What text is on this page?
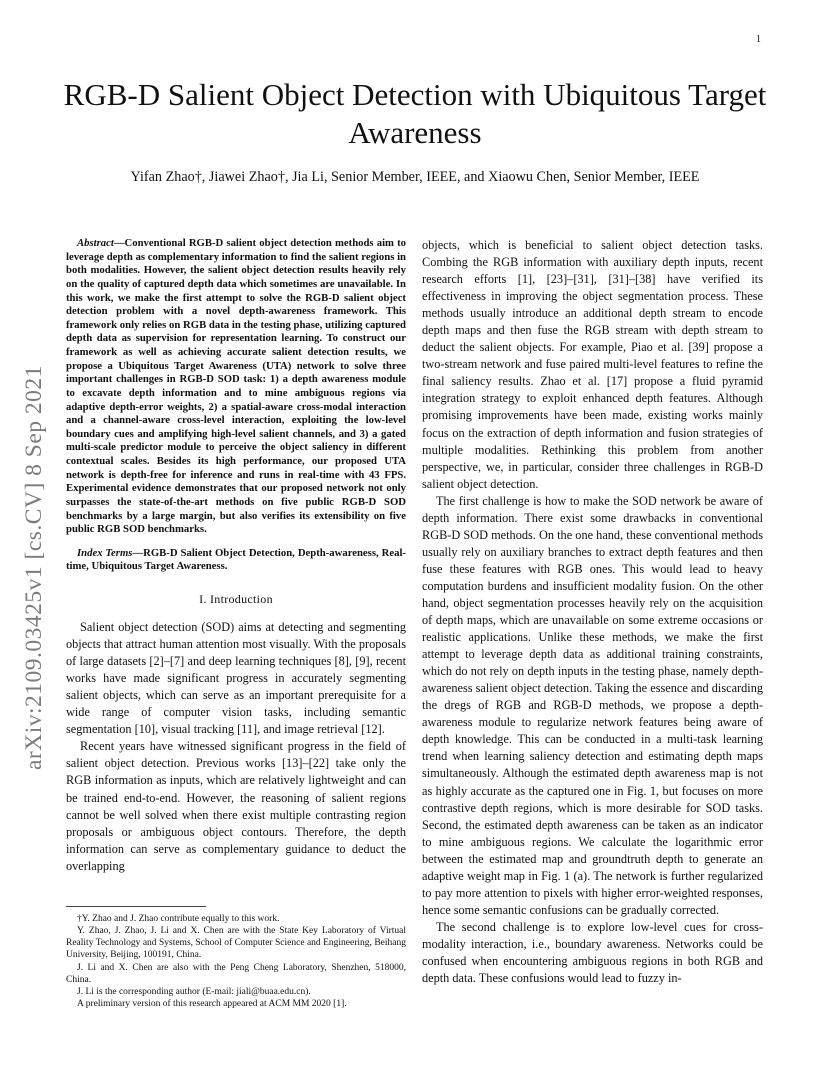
1
arXiv:2109.03425v1 [cs.CV] 8 Sep 2021
RGB-D Salient Object Detection with Ubiquitous Target Awareness
Yifan Zhao†, Jiawei Zhao†, Jia Li, Senior Member, IEEE, and Xiaowu Chen, Senior Member, IEEE

Abstract—Conventional RGB-D salient object detection methods aim to leverage depth as complementary information to find the salient regions in both modalities. However, the salient object detection results heavily rely on the quality of captured depth data which sometimes are unavailable. In this work, we make the first attempt to solve the RGB-D salient object detection problem with a novel depth-awareness framework. This framework only relies on RGB data in the testing phase, utilizing captured depth data as supervision for representation learning. To construct our framework as well as achieving accurate salient detection results, we propose a Ubiquitous Target Awareness (UTA) network to solve three important challenges in RGB-D SOD task: 1) a depth awareness module to excavate depth information and to mine ambiguous regions via adaptive depth-error weights, 2) a spatial-aware cross-modal interaction and a channel-aware cross-level interaction, exploiting the low-level boundary cues and amplifying high-level salient channels, and 3) a gated multi-scale predictor module to perceive the object saliency in different contextual scales. Besides its high performance, our proposed UTA network is depth-free for inference and runs in real-time with 43 FPS. Experimental evidence demonstrates that our proposed network not only surpasses the state-of-the-art methods on five public RGB-D SOD benchmarks by a large margin, but also verifies its extensibility on five public RGB SOD benchmarks.

Index Terms—RGB-D Salient Object Detection, Depth-awareness, Real-time, Ubiquitous Target Awareness.

I. Introduction

Salient object detection (SOD) aims at detecting and segmenting objects that attract human attention most visually. With the proposals of large datasets [2]–[7] and deep learning techniques [8], [9], recent works have made significant progress in accurately segmenting salient objects, which can serve as an important prerequisite for a wide range of computer vision tasks, including semantic segmentation [10], visual tracking [11], and image retrieval [12].

Recent years have witnessed significant progress in the field of salient object detection. Previous works [13]–[22] take only the RGB information as inputs, which are relatively lightweight and can be trained end-to-end. However, the reasoning of salient regions cannot be well solved when there exist multiple contrasting region proposals or ambiguous object contours. Therefore, the depth information can serve as complementary guidance to deduct the overlapping

†Y. Zhao and J. Zhao contribute equally to this work.
Y. Zhao, J. Zhao, J. Li and X. Chen are with the State Key Laboratory of Virtual Reality Technology and Systems, School of Computer Science and Engineering, Beihang University, Beijing, 100191, China.
J. Li and X. Chen are also with the Peng Cheng Laboratory, Shenzhen, 518000, China.
J. Li is the corresponding author (E-mail: jiali@buaa.edu.cn).
A preliminary version of this research appeared at ACM MM 2020 [1].

objects, which is beneficial to salient object detection tasks. Combing the RGB information with auxiliary depth inputs, recent research efforts [1], [23]–[31], [31]–[38] have verified its effectiveness in improving the object segmentation process. These methods usually introduce an additional depth stream to encode depth maps and then fuse the RGB stream with depth stream to deduct the salient objects. For example, Piao et al. [39] propose a two-stream network and fuse paired multi-level features to refine the final saliency results. Zhao et al. [17] propose a fluid pyramid integration strategy to exploit enhanced depth features. Although promising improvements have been made, existing works mainly focus on the extraction of depth information and fusion strategies of multiple modalities. Rethinking this problem from another perspective, we, in particular, consider three challenges in RGB-D salient object detection.

The first challenge is how to make the SOD network be aware of depth information. There exist some drawbacks in conventional RGB-D SOD methods. On the one hand, these conventional methods usually rely on auxiliary branches to extract depth features and then fuse these features with RGB ones. This would lead to heavy computation burdens and insufficient modality fusion. On the other hand, object segmentation processes heavily rely on the acquisition of depth maps, which are unavailable on some extreme occasions or realistic applications. Unlike these methods, we make the first attempt to leverage depth data as additional training constraints, which do not rely on depth inputs in the testing phase, namely depth-awareness salient object detection. Taking the essence and discarding the dregs of RGB and RGB-D methods, we propose a depth-awareness module to regularize network features being aware of depth knowledge. This can be conducted in a multi-task learning trend when learning saliency detection and estimating depth maps simultaneously. Although the estimated depth awareness map is not as highly accurate as the captured one in Fig. 1, but focuses on more contrastive depth regions, which is more desirable for SOD tasks. Second, the estimated depth awareness can be taken as an indicator to mine ambiguous regions. We calculate the logarithmic error between the estimated map and groundtruth depth to generate an adaptive weight map in Fig. 1 (a). The network is further regularized to pay more attention to pixels with higher error-weighted responses, hence some semantic confusions can be gradually corrected.

The second challenge is to explore low-level cues for cross-modality interaction, i.e., boundary awareness. Networks could be confused when encountering ambiguous regions in both RGB and depth data. These confusions would lead to fuzzy in-
